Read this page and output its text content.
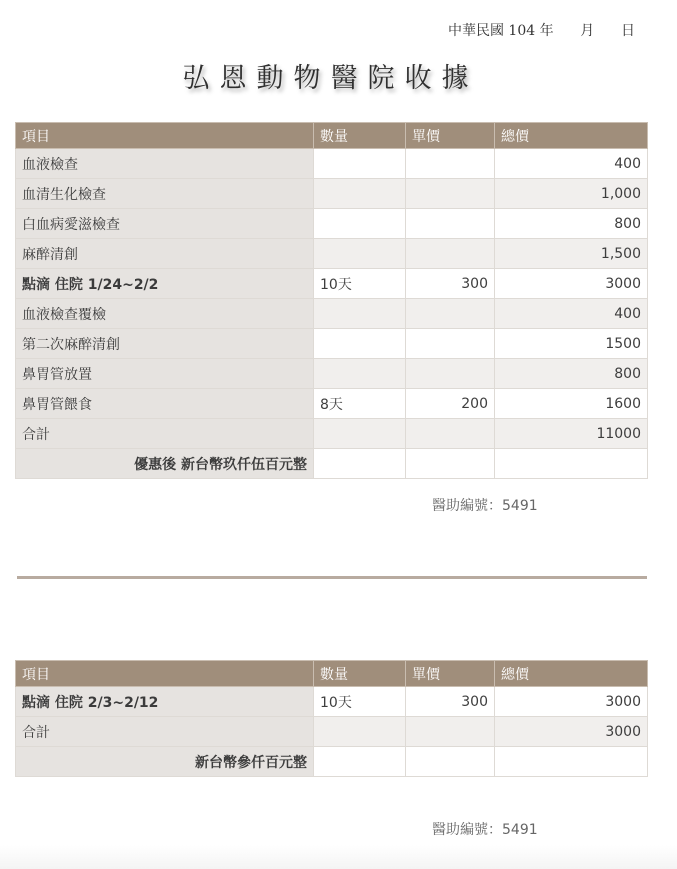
中華民國 104 年      月      日
弘恩動物醫院收據
項目	數量	單價	總價
血液檢查			400
血清生化檢查			1,000
白血病愛滋檢查			800
麻醉清創			1,500
點滴 住院 1/24~2/2	10天	300	3000
血液檢查覆檢			400
第二次麻醉清創			1500
鼻胃管放置			800
鼻胃管餵食	8天	200	1600
合計			11000
優惠後 新台幣玖仟伍百元整			
醫助編號：5491
項目	數量	單價	總價
點滴 住院 2/3~2/12	10天	300	3000
合計			3000
新台幣參仟百元整			
醫助編號：5491
